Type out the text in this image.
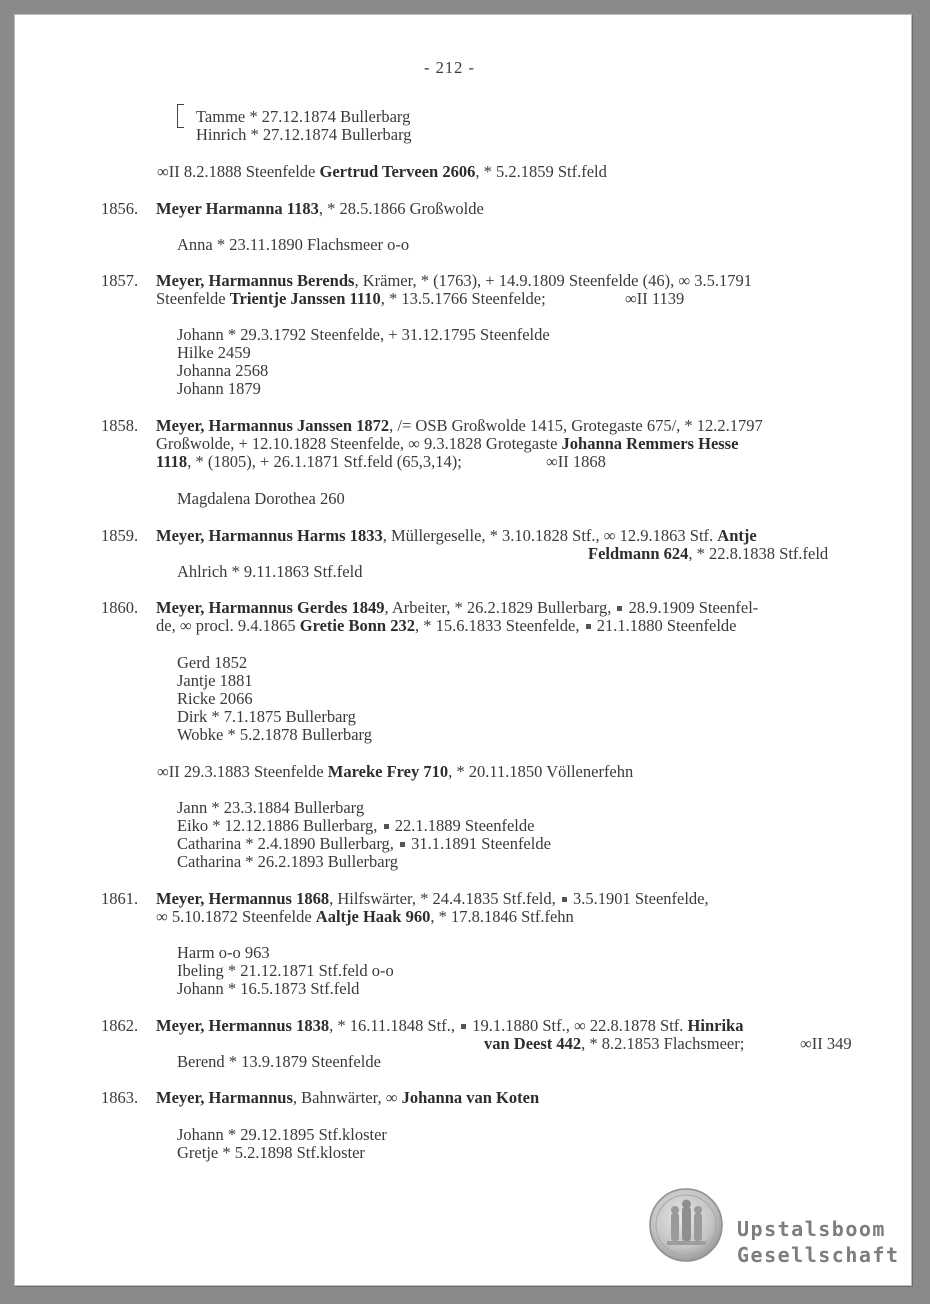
- 212 -
Tamme * 27.12.1874 Bullerbarg
Hinrich * 27.12.1874 Bullerbarg
∞II 8.2.1888 Steenfelde Gertrud Terveen 2606, * 5.2.1859 Stf.feld
1856. Meyer Harmanna 1183, * 28.5.1866 Großwolde
Anna * 23.11.1890 Flachsmeer o-o
1857. Meyer, Harmannus Berends, Krämer, * (1763), + 14.9.1809 Steenfelde (46), ∞ 3.5.1791
Steenfelde Trientje Janssen 1110, * 13.5.1766 Steenfelde;	∞II 1139
Johann * 29.3.1792 Steenfelde, + 31.12.1795 Steenfelde
Hilke 2459
Johanna 2568
Johann 1879
1858. Meyer, Harmannus Janssen 1872, /= OSB Großwolde 1415, Grotegaste 675/, * 12.2.1797
Großwolde, + 12.10.1828 Steenfelde, ∞ 9.3.1828 Grotegaste Johanna Remmers Hesse
1118, * (1805), + 26.1.1871 Stf.feld (65,3,14);	∞II 1868
Magdalena Dorothea 260
1859. Meyer, Harmannus Harms 1833, Müllergeselle, * 3.10.1828 Stf., ∞ 12.9.1863 Stf. Antje
Feldmann 624, * 22.8.1838 Stf.feld
Ahlrich * 9.11.1863 Stf.feld
1860. Meyer, Harmannus Gerdes 1849, Arbeiter, * 26.2.1829 Bullerbarg,  28.9.1909 Steenfel-
de, ∞ procl. 9.4.1865 Gretie Bonn 232, * 15.6.1833 Steenfelde,  21.1.1880 Steenfelde
Gerd 1852
Jantje 1881
Ricke 2066
Dirk * 7.1.1875 Bullerbarg
Wobke * 5.2.1878 Bullerbarg
∞II 29.3.1883 Steenfelde Mareke Frey 710, * 20.11.1850 Völlenerfehn
Jann * 23.3.1884 Bullerbarg
Eiko * 12.12.1886 Bullerbarg,  22.1.1889 Steenfelde
Catharina * 2.4.1890 Bullerbarg,  31.1.1891 Steenfelde
Catharina * 26.2.1893 Bullerbarg
1861. Meyer, Hermannus 1868, Hilfswärter, * 24.4.1835 Stf.feld,  3.5.1901 Steenfelde,
∞ 5.10.1872 Steenfelde Aaltje Haak 960, * 17.8.1846 Stf.fehn
Harm o-o 963
Ibeling * 21.12.1871 Stf.feld o-o
Johann * 16.5.1873 Stf.feld
1862. Meyer, Hermannus 1838, * 16.11.1848 Stf.,  19.1.1880 Stf., ∞ 22.8.1878 Stf. Hinrika
van Deest 442, * 8.2.1853 Flachsmeer;	∞II 349
Berend * 13.9.1879 Steenfelde
1863. Meyer, Harmannus, Bahnwärter, ∞ Johanna van Koten
Johann * 29.12.1895 Stf.kloster
Gretje * 5.2.1898 Stf.kloster
Upstalsboom
Gesellschaft
